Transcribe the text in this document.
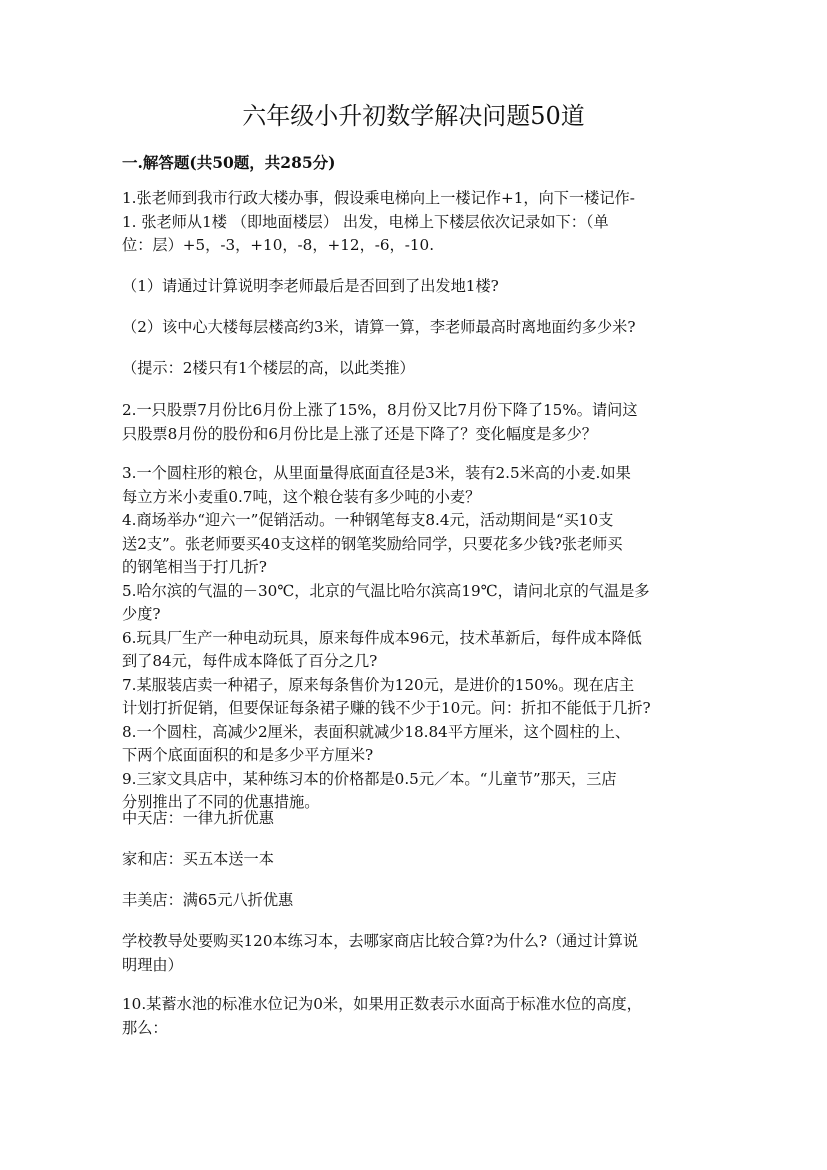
六年级小升初数学解决问题50道
一.解答题(共50题，共285分)

1.张老师到我市行政大楼办事，假设乘电梯向上一楼记作+1，向下一楼记作-
1. 张老师从1楼 （即地面楼层） 出发，电梯上下楼层依次记录如下：（单
位：层）+5，-3，+10，-8，+12，-6，-10.

（1）请通过计算说明李老师最后是否回到了出发地1楼?

（2）该中心大楼每层楼高约3米，请算一算，李老师最高时离地面约多少米?

（提示：2楼只有1个楼层的高，以此类推）

2.一只股票7月份比6月份上涨了15%，8月份又比7月份下降了15%。请问这
只股票8月份的股份和6月份比是上涨了还是下降了？变化幅度是多少？

3.一个圆柱形的粮仓，从里面量得底面直径是3米，装有2.5米高的小麦.如果
每立方米小麦重0.7吨，这个粮仓装有多少吨的小麦？
4.商场举办“迎六一”促销活动。一种钢笔每支8.4元，活动期间是“买10支
送2支”。张老师要买40支这样的钢笔奖励给同学，只要花多少钱?张老师买
的钢笔相当于打几折?
5.哈尔滨的气温的－30℃，北京的气温比哈尔滨高19℃，请问北京的气温是多
少度?
6.玩具厂生产一种电动玩具，原来每件成本96元，技术革新后，每件成本降低
到了84元，每件成本降低了百分之几?
7.某服装店卖一种裙子，原来每条售价为120元，是进价的150%。现在店主
计划打折促销，但要保证每条裙子赚的钱不少于10元。问：折扣不能低于几折?
8.一个圆柱，高减少2厘米，表面积就减少18.84平方厘米，这个圆柱的上、
下两个底面面积的和是多少平方厘米?
9.三家文具店中，某种练习本的价格都是0.5元／本。“儿童节”那天，三店
分别推出了不同的优惠措施。

中天店：一律九折优惠

家和店：买五本送一本

丰美店：满65元八折优惠

学校教导处要购买120本练习本，去哪家商店比较合算?为什么?（通过计算说
明理由）

10.某蓄水池的标准水位记为0米，如果用正数表示水面高于标准水位的高度，
那么：
